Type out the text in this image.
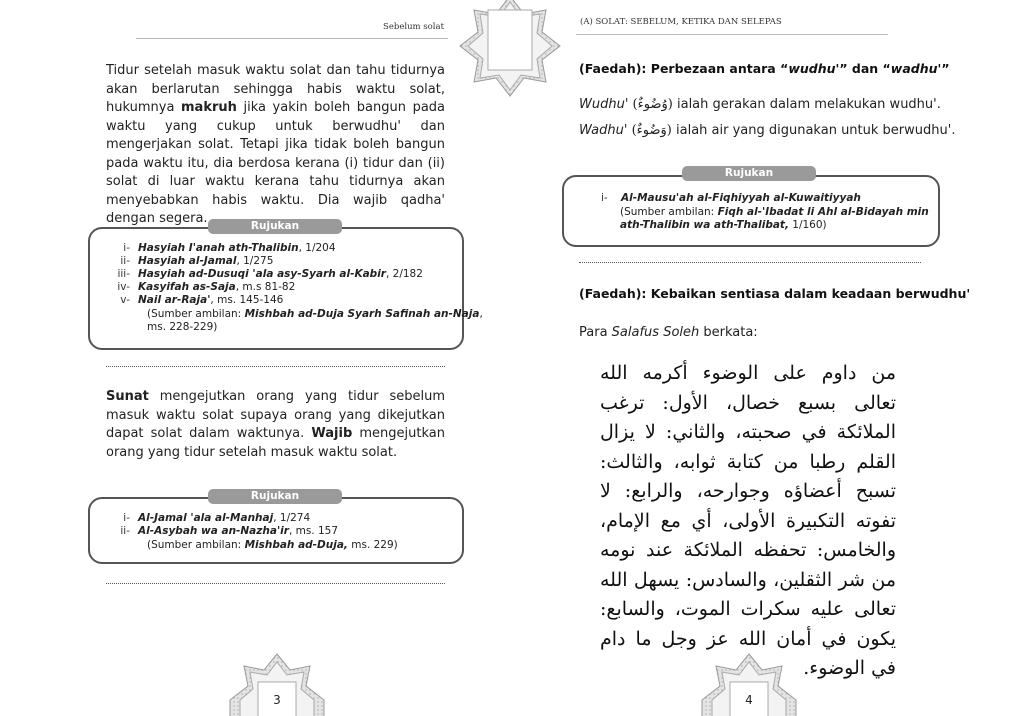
Sebelum solat
Tidur setelah masuk waktu solat dan tahu tidurnya akan berlarutan sehingga habis waktu solat, hukumnya makruh jika yakin boleh bangun pada waktu yang cukup untuk berwudhu' dan mengerjakan solat. Tetapi jika tidak boleh bangun pada waktu itu, dia berdosa kerana (i) tidur dan (ii) solat di luar waktu kerana tahu tidurnya akan menyebabkan habis waktu. Dia wajib qadha' dengan segera.	Rujukan
i- Hasyiah I'anah ath-Thalibin, 1/204
ii- Hasyiah al-Jamal, 1/275
iii- Hasyiah ad-Dusuqi 'ala asy-Syarh al-Kabir, 2/182
iv- Kasyifah as-Saja, m.s 81-82
v- Nail ar-Raja', ms. 145-146
(Sumber ambilan: Mishbah ad-Duja Syarh Safinah an-Naja,
ms. 228-229)
Sunat mengejutkan orang yang tidur sebelum masuk waktu solat supaya orang yang dikejutkan dapat solat dalam waktunya. Wajib mengejutkan orang yang tidur setelah masuk waktu solat.
Rujukan
i- Al-Jamal 'ala al-Manhaj, 1/274
ii- Al-Asybah wa an-Nazha'ir, ms. 157
(Sumber ambilan: Mishbah ad-Duja, ms. 229)
3
(A) SOLAT: SEBELUM, KETIKA DAN SELEPAS
(Faedah): Perbezaan antara “wudhu'” dan “wadhu'”
Wudhu' (وُضُوءٌ) ialah gerakan dalam melakukan wudhu'.
Wadhu' (وَضُوءٌ) ialah air yang digunakan untuk berwudhu'.
Rujukan
i- Al-Mausu'ah al-Fiqhiyyah al-Kuwaitiyyah
(Sumber ambilan: Fiqh al-'Ibadat li Ahl al-Bidayah min
ath-Thalibin wa ath-Thalibat, 1/160)
(Faedah): Kebaikan sentiasa dalam keadaan berwudhu'
Para Salafus Soleh berkata:
من داوم على الوضوء أكرمه الله تعالى بسبع خصال، الأول: ترغب الملائكة في صحبته، والثاني: لا يزال القلم رطبا من كتابة ثوابه، والثالث: تسبح أعضاؤه وجوارحه، والرابع: لا تفوته التكبيرة الأولى، أي مع الإمام، والخامس: تحفظه الملائكة عند نومه من شر الثقلين، والسادس: يسهل الله تعالى عليه سكرات الموت، والسابع: يكون في أمان الله عز وجل ما دام في الوضوء.
4
